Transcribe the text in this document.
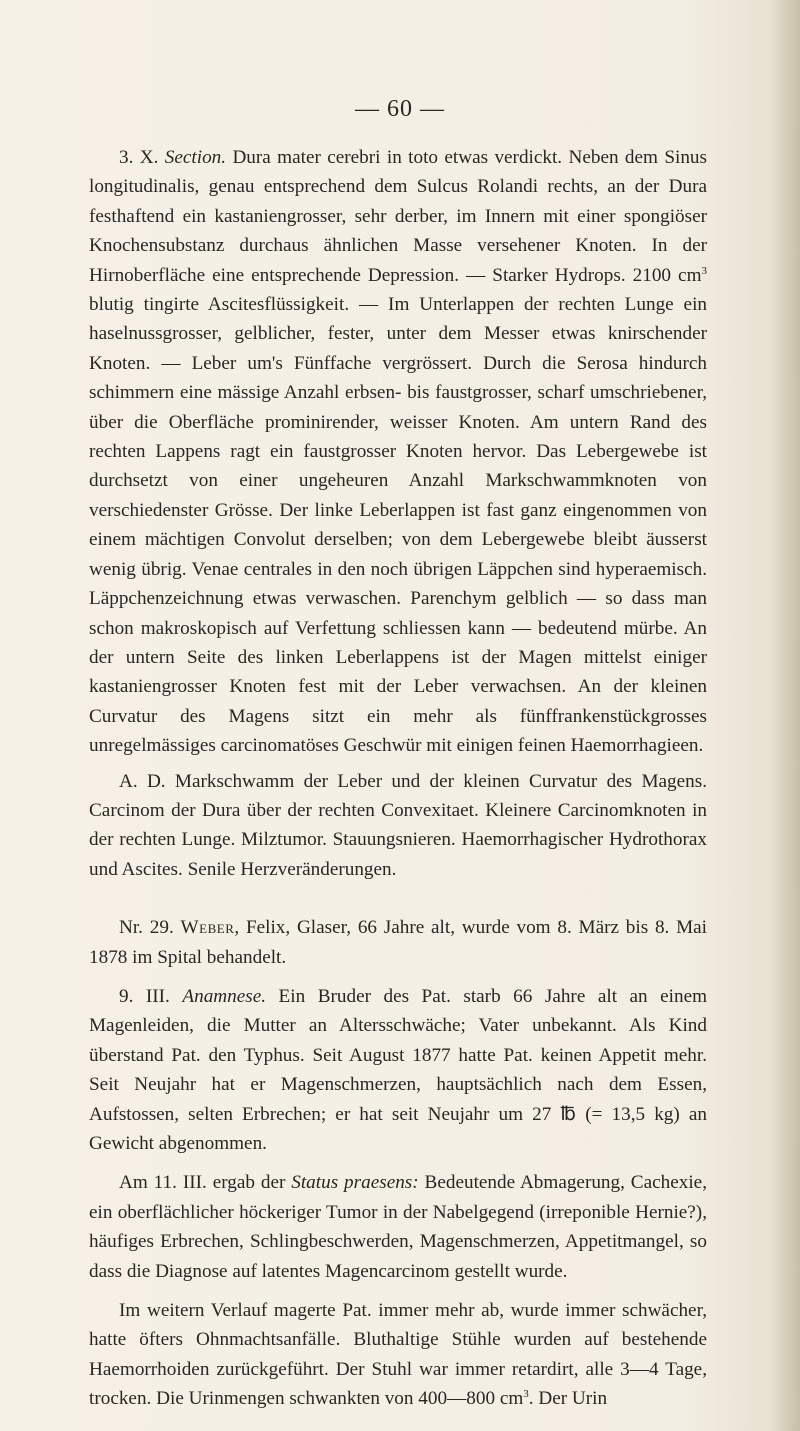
— 60 —

3. X. Section. Dura mater cerebri in toto etwas verdickt. Neben dem Sinus longitudinalis, genau entsprechend dem Sulcus Rolandi rechts, an der Dura festhaftend ein kastaniengrosser, sehr derber, im Innern mit einer spongiöser Knochensubstanz durchaus ähnlichen Masse versehener Knoten. In der Hirnoberfläche eine entsprechende Depression. — Starker Hydrops. 2100 $cm^3$ blutig tingirte Ascitesflüssigkeit. — Im Unterlappen der rechten Lunge ein haselnussgrosser, gelblicher, fester, unter dem Messer etwas knirschender Knoten. — Leber um's Fünffache vergrössert. Durch die Serosa hindurch schimmern eine mässige Anzahl erbsen- bis faustgrosser, scharf umschriebener, über die Oberfläche prominirender, weisser Knoten. Am untern Rand des rechten Lappens ragt ein faustgrosser Knoten hervor. Das Lebergewebe ist durchsetzt von einer ungeheuren Anzahl Markschwammknoten von verschiedenster Grösse. Der linke Leberlappen ist fast ganz eingenommen von einem mächtigen Convolut derselben; von dem Lebergewebe bleibt äusserst wenig übrig. Venae centrales in den noch übrigen Läppchen sind hyperaemisch. Läppchenzeichnung etwas verwaschen. Parenchym gelblich — so dass man schon makroskopisch auf Verfettung schliessen kann — bedeutend mürbe. An der untern Seite des linken Leberlappens ist der Magen mittelst einiger kastaniengrosser Knoten fest mit der Leber verwachsen. An der kleinen Curvatur des Magens sitzt ein mehr als fünffrankenstückgrosses unregelmässiges carcinomatöses Geschwür mit einigen feinen Haemorrhagieen.

A. D. Markschwamm der Leber und der kleinen Curvatur des Magens. Carcinom der Dura über der rechten Convexitaet. Kleinere Carcinomknoten in der rechten Lunge. Milztumor. Stauungsnieren. Haemorrhagischer Hydrothorax und Ascites. Senile Herzveränderungen.

Nr. 29. Weber, Felix, Glaser, 66 Jahre alt, wurde vom 8. März bis 8. Mai 1878 im Spital behandelt.

9. III. Anamnese. Ein Bruder des Pat. starb 66 Jahre alt an einem Magenleiden, die Mutter an Altersschwäche; Vater unbekannt. Als Kind überstand Pat. den Typhus. Seit August 1877 hatte Pat. keinen Appetit mehr. Seit Neujahr hat er Magenschmerzen, hauptsächlich nach dem Essen, Aufstossen, selten Erbrechen; er hat seit Neujahr um 27 ℔ (= 13,5 kg) an Gewicht abgenommen.

Am 11. III. ergab der Status praesens: Bedeutende Abmagerung, Cachexie, ein oberflächlicher höckeriger Tumor in der Nabelgegend (irreponible Hernie?), häufiges Erbrechen, Schlingbeschwerden, Magenschmerzen, Appetitmangel, so dass die Diagnose auf latentes Magencarcinom gestellt wurde.

Im weitern Verlauf magerte Pat. immer mehr ab, wurde immer schwächer, hatte öfters Ohnmachtsanfälle. Bluthaltige Stühle wurden auf bestehende Haemorrhoiden zurückgeführt. Der Stuhl war immer retardirt, alle 3—4 Tage, trocken. Die Urinmengen schwankten von 400—800 $cm^3$. Der Urin
